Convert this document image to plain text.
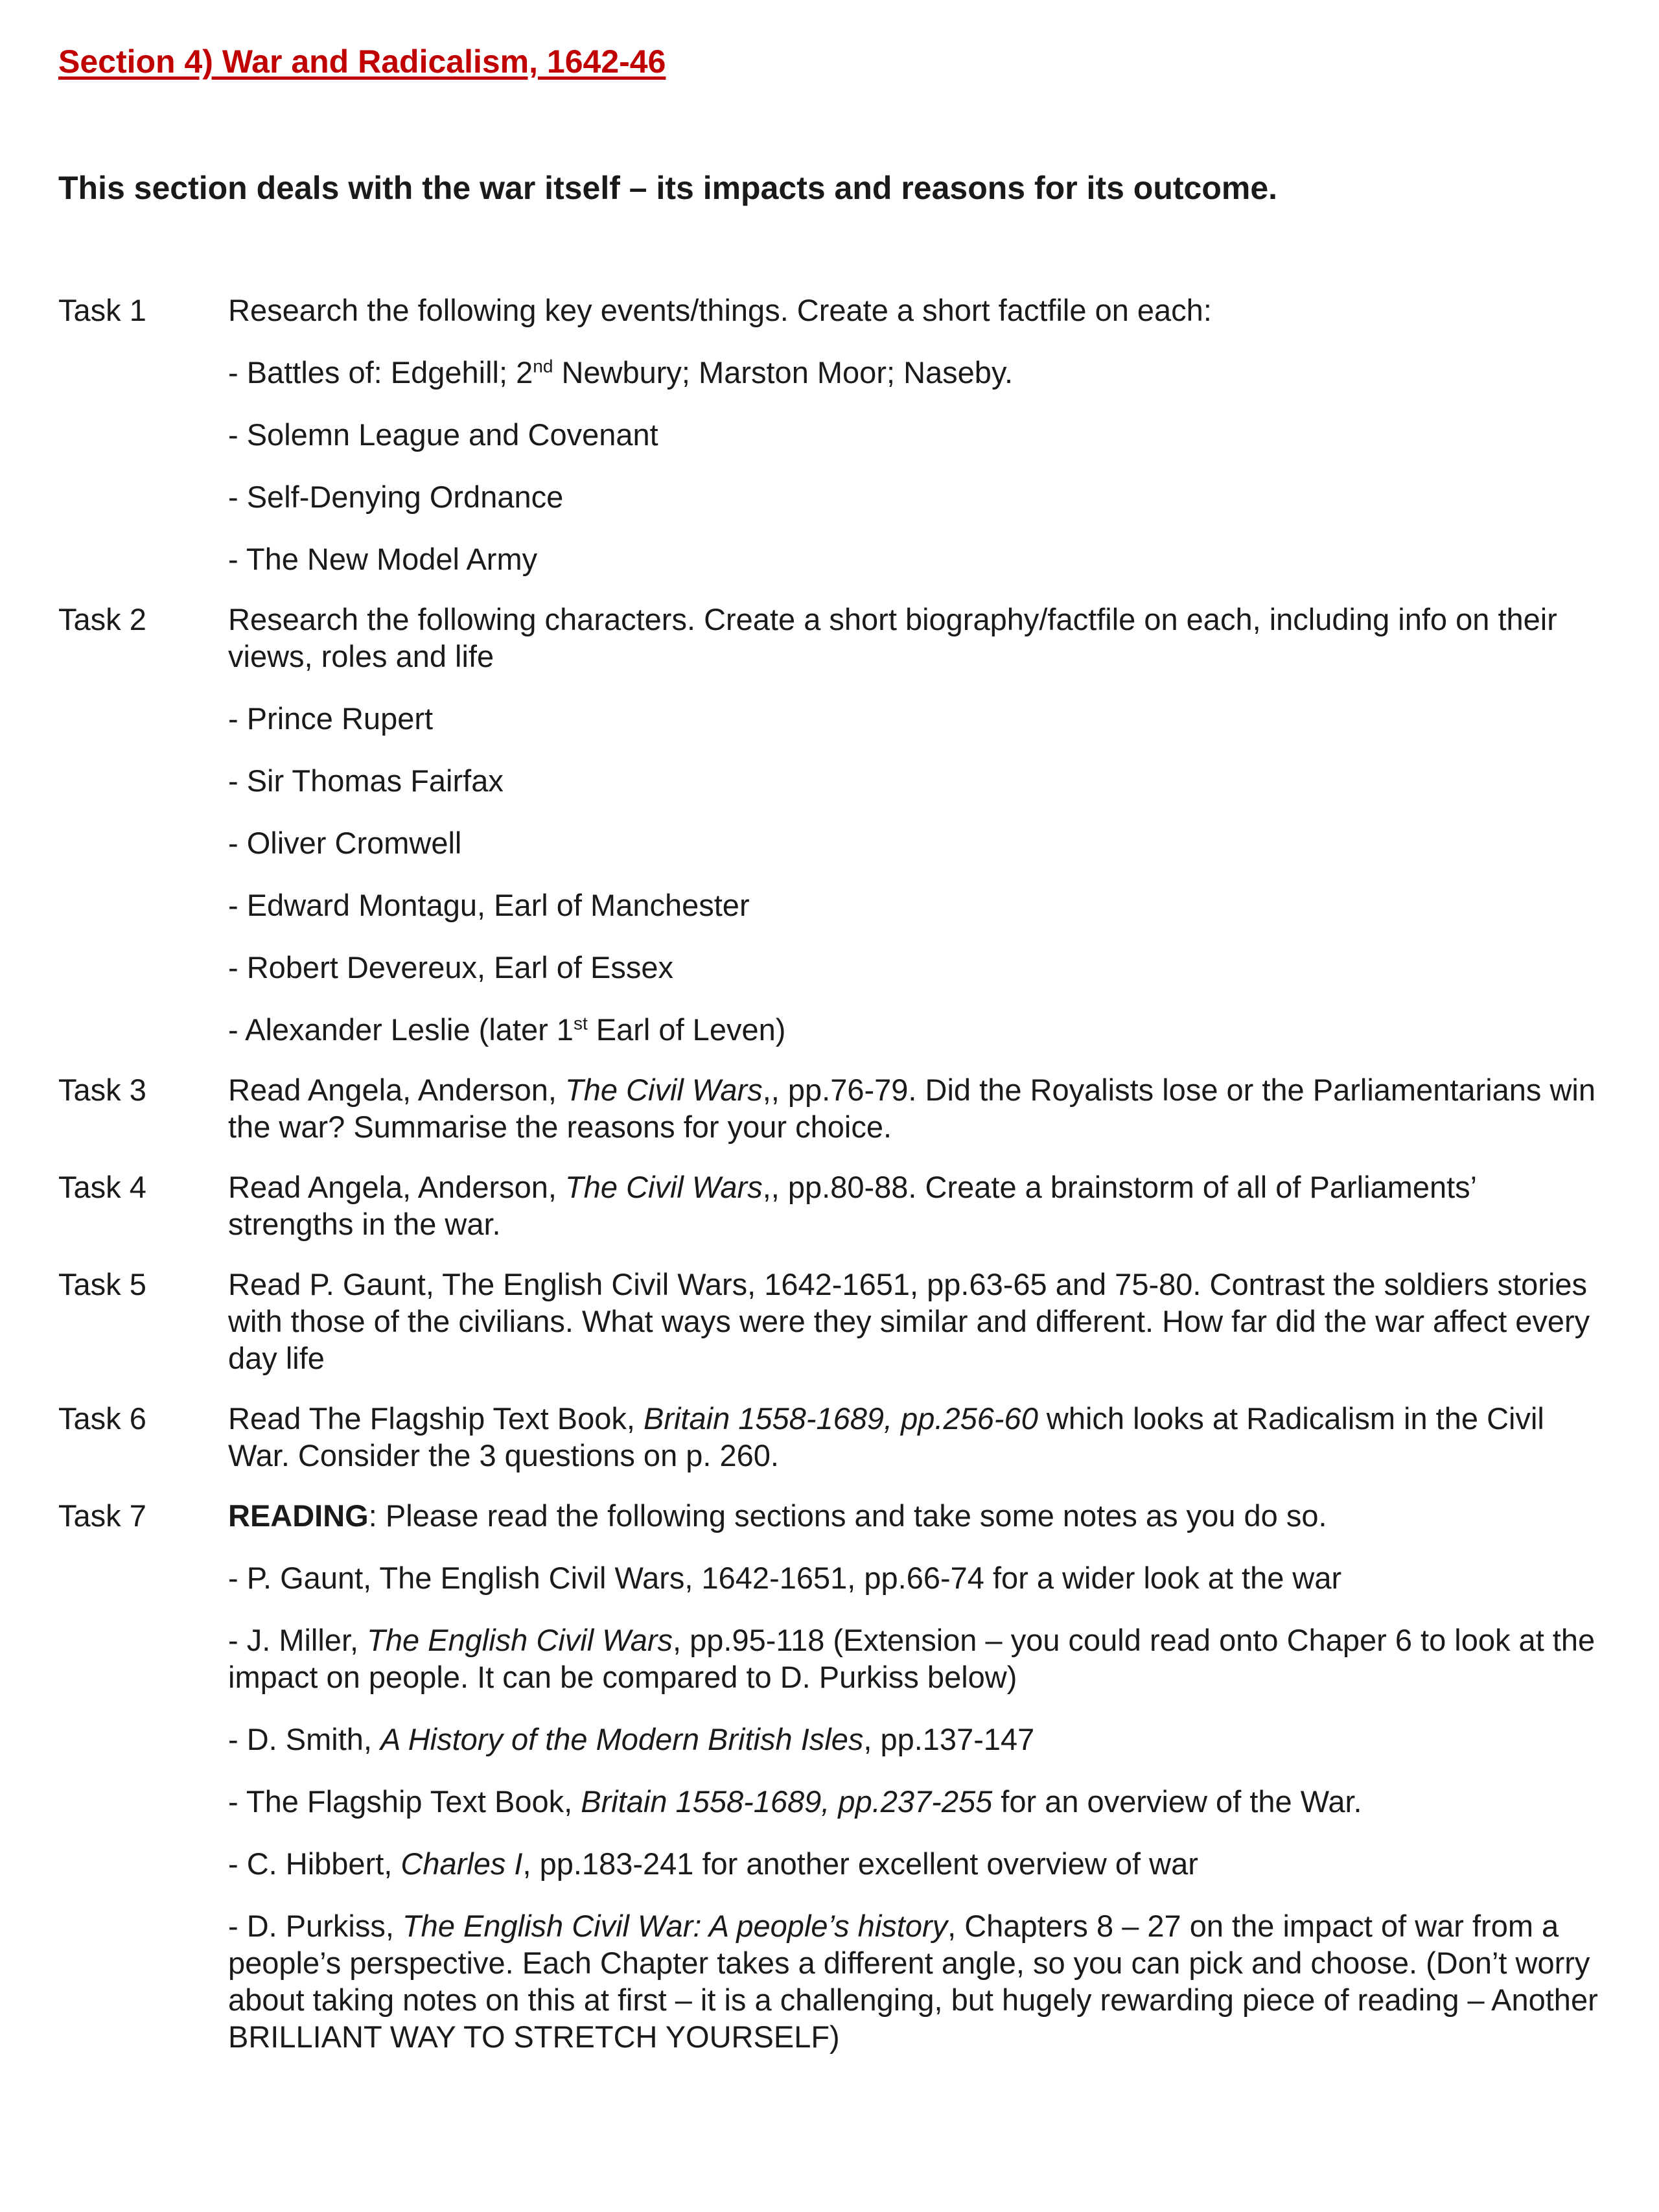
Section 4) War and Radicalism, 1642-46

This section deals with the war itself – its impacts and reasons for its outcome.

Task 1	Research the following key events/things. Create a short factfile on each:

- Battles of: Edgehill; 2nd Newbury; Marston Moor; Naseby.

- Solemn League and Covenant

- Self-Denying Ordnance

- The New Model Army

Task 2	Research the following characters. Create a short biography/factfile on each, including info on their views, roles and life

- Prince Rupert

- Sir Thomas Fairfax

- Oliver Cromwell

- Edward Montagu, Earl of Manchester

- Robert Devereux, Earl of Essex

- Alexander Leslie (later 1st Earl of Leven)

Task 3	Read Angela, Anderson, The Civil Wars,, pp.76-79. Did the Royalists lose or the Parliamentarians win the war? Summarise the reasons for your choice.

Task 4	Read Angela, Anderson, The Civil Wars,, pp.80-88. Create a brainstorm of all of Parliaments’ strengths in the war.

Task 5	Read P. Gaunt, The English Civil Wars, 1642-1651, pp.63-65 and 75-80. Contrast the soldiers stories with those of the civilians. What ways were they similar and different. How far did the war affect every day life

Task 6	Read The Flagship Text Book, Britain 1558-1689, pp.256-60 which looks at Radicalism in the Civil War. Consider the 3 questions on p. 260.

Task 7	READING: Please read the following sections and take some notes as you do so.

- P. Gaunt, The English Civil Wars, 1642-1651, pp.66-74 for a wider look at the war

- J. Miller, The English Civil Wars, pp.95-118 (Extension – you could read onto Chaper 6 to look at the impact on people. It can be compared to D. Purkiss below)

- D. Smith, A History of the Modern British Isles, pp.137-147

- The Flagship Text Book, Britain 1558-1689, pp.237-255 for an overview of the War.

- C. Hibbert, Charles I, pp.183-241 for another excellent overview of war

- D. Purkiss, The English Civil War: A people’s history, Chapters 8 – 27 on the impact of war from a people’s perspective. Each Chapter takes a different angle, so you can pick and choose. (Don’t worry about taking notes on this at first – it is a challenging, but hugely rewarding piece of reading – Another BRILLIANT WAY TO STRETCH YOURSELF)
